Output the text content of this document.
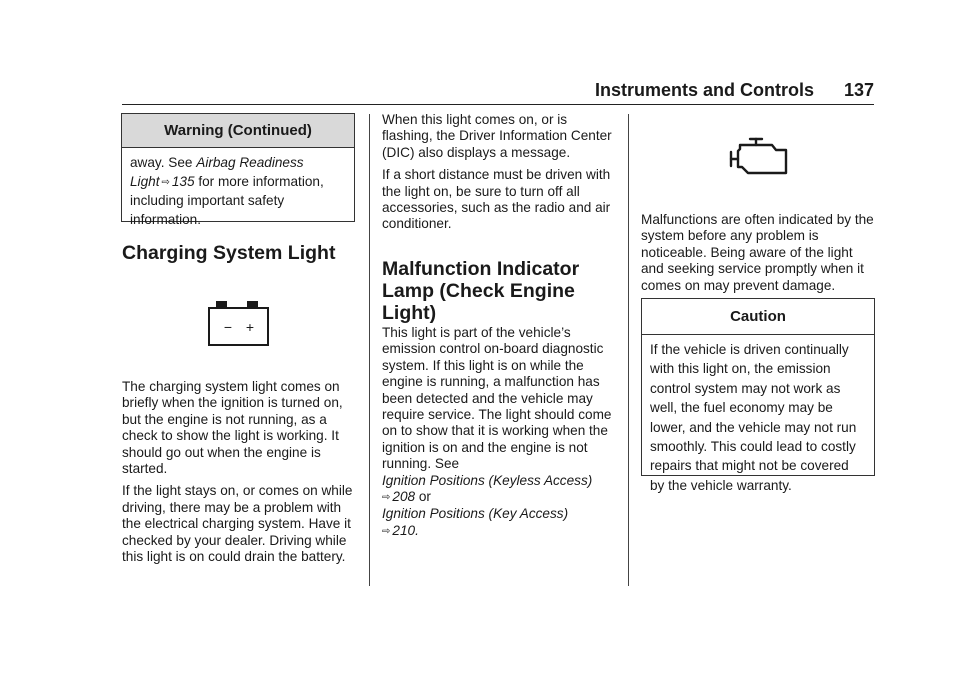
Instruments and Controls 137
Warning (Continued)
away. See Airbag Readiness Light ⇨ 135 for more information, including important safety information.
Charging System Light
− +

The charging system light comes on briefly when the ignition is turned on, but the engine is not running, as a check to show the light is working. It should go out when the engine is started.

If the light stays on, or comes on while driving, there may be a problem with the electrical charging system. Have it checked by your dealer. Driving while this light is on could drain the battery.

When this light comes on, or is flashing, the Driver Information Center (DIC) also displays a message.

If a short distance must be driven with the light on, be sure to turn off all accessories, such as the radio and air conditioner.

Malfunction Indicator Lamp (Check Engine Light)

This light is part of the vehicle’s emission control on-board diagnostic system. If this light is on while the engine is running, a malfunction has been detected and the vehicle may require service. The light should come on to show that it is working when the ignition is on and the engine is not running. See

Ignition Positions (Keyless Access)
⇨ 208 or
Ignition Positions (Key Access)
⇨ 210.

Malfunctions are often indicated by the system before any problem is noticeable. Being aware of the light and seeking service promptly when it comes on may prevent damage.

Caution
If the vehicle is driven continually with this light on, the emission control system may not work as well, the fuel economy may be lower, and the vehicle may not run smoothly. This could lead to costly repairs that might not be covered by the vehicle warranty.
